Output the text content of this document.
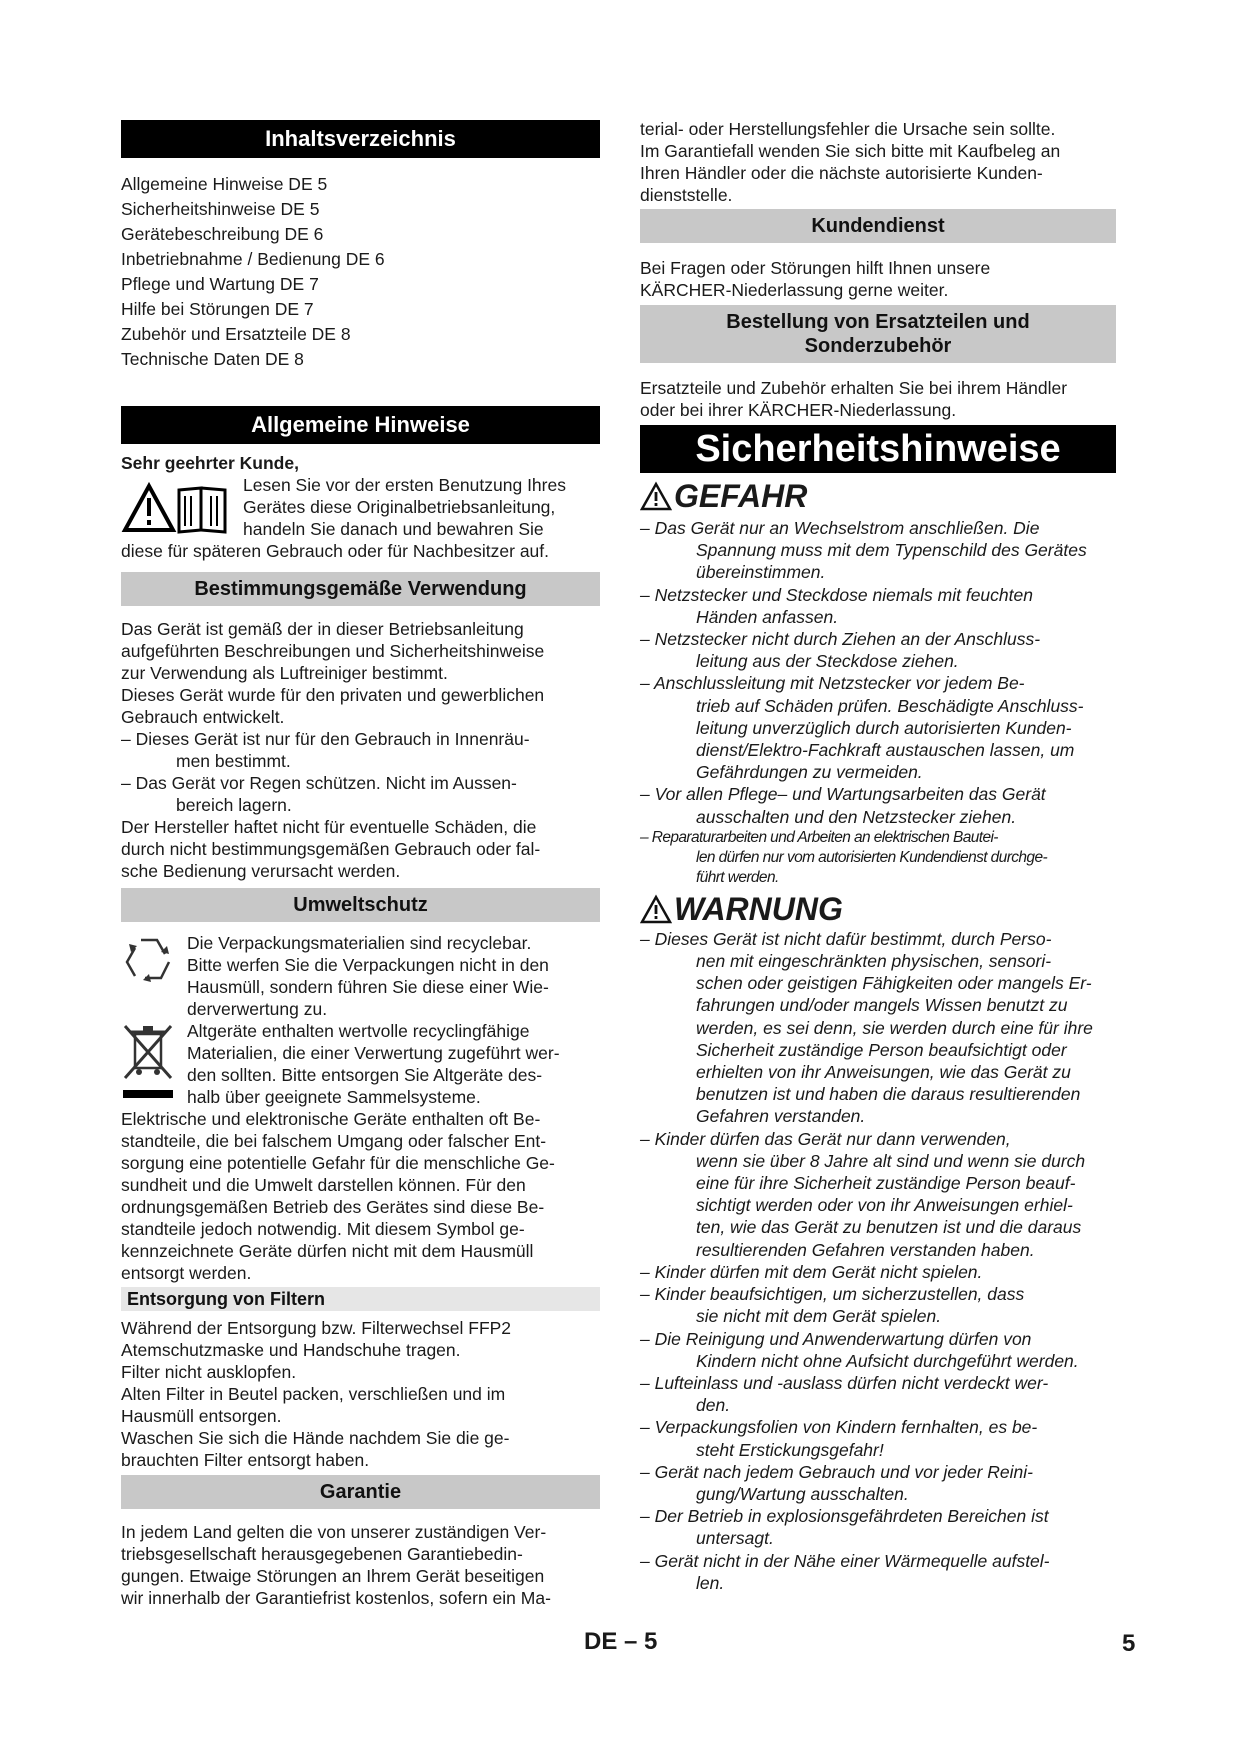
Inhaltsverzeichnis

Allgemeine Hinweise DE 5

Sicherheitshinweise DE 5

Gerätebeschreibung DE 6

Inbetriebnahme / Bedienung DE 6

Pflege und Wartung DE 7

Hilfe bei Störungen DE 7

Zubehör und Ersatzteile DE 8

Technische Daten DE 8

Allgemeine Hinweise

Sehr geehrter Kunde,

Lesen Sie vor der ersten Benutzung Ihres

Gerätes diese Originalbetriebsanleitung,

handeln Sie danach und bewahren Sie

diese für späteren Gebrauch oder für Nachbesitzer auf.

Bestimmungsgemäße Verwendung

Das Gerät ist gemäß der in dieser Betriebsanleitung

aufgeführten Beschreibungen und Sicherheitshinweise

zur Verwendung als Luftreiniger bestimmt.

Dieses Gerät wurde für den privaten und gewerblichen

Gebrauch entwickelt.

– Dieses Gerät ist nur für den Gebrauch in Innenräu-
men bestimmt.

– Das Gerät vor Regen schützen. Nicht im Aussen-
bereich lagern.

Der Hersteller haftet nicht für eventuelle Schäden, die

durch nicht bestimmungsgemäßen Gebrauch oder fal-

sche Bedienung verursacht werden.

Umweltschutz

Die Verpackungsmaterialien sind recyclebar.

Bitte werfen Sie die Verpackungen nicht in den

Hausmüll, sondern führen Sie diese einer Wie-

derverwertung zu.

Altgeräte enthalten wertvolle recyclingfähige

Materialien, die einer Verwertung zugeführt wer-

den sollten. Bitte entsorgen Sie Altgeräte des-

halb über geeignete Sammelsysteme.

Elektrische und elektronische Geräte enthalten oft Be-

standteile, die bei falschem Umgang oder falscher Ent-

sorgung eine potentielle Gefahr für die menschliche Ge-

sundheit und die Umwelt darstellen können. Für den

ordnungsgemäßen Betrieb des Gerätes sind diese Be-

standteile jedoch notwendig. Mit diesem Symbol ge-

kennzeichnete Geräte dürfen nicht mit dem Hausmüll

entsorgt werden.

Entsorgung von Filtern

Während der Entsorgung bzw. Filterwechsel FFP2

Atemschutzmaske und Handschuhe tragen.

Filter nicht ausklopfen.

Alten Filter in Beutel packen, verschließen und im

Hausmüll entsorgen.

Waschen Sie sich die Hände nachdem Sie die ge-

brauchten Filter entsorgt haben.

Garantie

In jedem Land gelten die von unserer zuständigen Ver-

triebsgesellschaft herausgegebenen Garantiebedin-

gungen. Etwaige Störungen an Ihrem Gerät beseitigen

wir innerhalb der Garantiefrist kostenlos, sofern ein Ma-

terial- oder Herstellungsfehler die Ursache sein sollte.

Im Garantiefall wenden Sie sich bitte mit Kaufbeleg an

Ihren Händler oder die nächste autorisierte Kunden-

dienststelle.

Kundendienst

Bei Fragen oder Störungen hilft Ihnen unsere

KÄRCHER-Niederlassung gerne weiter.

Bestellung von Ersatzteilen und
Sonderzubehör

Ersatzteile und Zubehör erhalten Sie bei ihrem Händler

oder bei ihrer KÄRCHER-Niederlassung.

Sicherheitshinweise
GEFAHR

– Das Gerät nur an Wechselstrom anschließen. Die
Spannung muss mit dem Typenschild des Gerätes
übereinstimmen.

– Netzstecker und Steckdose niemals mit feuchten
Händen anfassen.

– Netzstecker nicht durch Ziehen an der Anschluss-
leitung aus der Steckdose ziehen.

– Anschlussleitung mit Netzstecker vor jedem Be-
trieb auf Schäden prüfen. Beschädigte Anschluss-
leitung unverzüglich durch autorisierten Kunden-
dienst/Elektro-Fachkraft austauschen lassen, um
Gefährdungen zu vermeiden.

– Vor allen Pflege– und Wartungsarbeiten das Gerät
ausschalten und den Netzstecker ziehen.

– Reparaturarbeiten und Arbeiten an elektrischen Bautei-
len dürfen nur vom autorisierten Kundendienst durchge-
führt werden.

WARNUNG

– Dieses Gerät ist nicht dafür bestimmt, durch Perso-
nen mit eingeschränkten physischen, sensori-
schen oder geistigen Fähigkeiten oder mangels Er-
fahrungen und/oder mangels Wissen benutzt zu
werden, es sei denn, sie werden durch eine für ihre
Sicherheit zuständige Person beaufsichtigt oder
erhielten von ihr Anweisungen, wie das Gerät zu
benutzen ist und haben die daraus resultierenden
Gefahren verstanden.

– Kinder dürfen das Gerät nur dann verwenden,
wenn sie über 8 Jahre alt sind und wenn sie durch
eine für ihre Sicherheit zuständige Person beauf-
sichtigt werden oder von ihr Anweisungen erhiel-
ten, wie das Gerät zu benutzen ist und die daraus
resultierenden Gefahren verstanden haben.

– Kinder dürfen mit dem Gerät nicht spielen.

– Kinder beaufsichtigen, um sicherzustellen, dass
sie nicht mit dem Gerät spielen.

– Die Reinigung und Anwenderwartung dürfen von
Kindern nicht ohne Aufsicht durchgeführt werden.

– Lufteinlass und -auslass dürfen nicht verdeckt wer-
den.

– Verpackungsfolien von Kindern fernhalten, es be-
steht Erstickungsgefahr!

– Gerät nach jedem Gebrauch und vor jeder Reini-
gung/Wartung ausschalten.

– Der Betrieb in explosionsgefährdeten Bereichen ist
untersagt.

– Gerät nicht in der Nähe einer Wärmequelle aufstel-
len.

DE – 5	5
